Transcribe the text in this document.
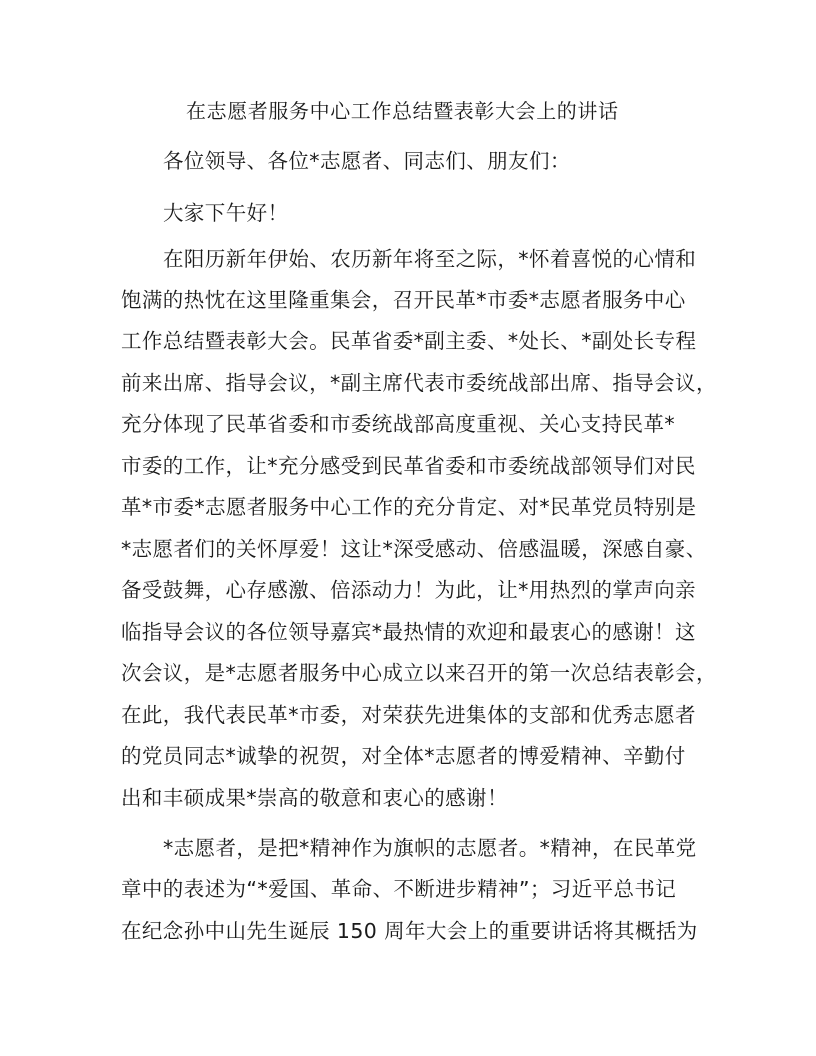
在志愿者服务中心工作总结暨表彰大会上的讲话
各位领导、各位*志愿者、同志们、朋友们：
大家下午好！
在阳历新年伊始、农历新年将至之际，*怀着喜悦的心情和
饱满的热忱在这里隆重集会，召开民革*市委*志愿者服务中心
工作总结暨表彰大会。民革省委*副主委、*处长、*副处长专程
前来出席、指导会议，*副主席代表市委统战部出席、指导会议，
充分体现了民革省委和市委统战部高度重视、关心支持民革*
市委的工作，让*充分感受到民革省委和市委统战部领导们对民
革*市委*志愿者服务中心工作的充分肯定、对*民革党员特别是
*志愿者们的关怀厚爱！这让*深受感动、倍感温暖，深感自豪、
备受鼓舞，心存感激、倍添动力！为此，让*用热烈的掌声向亲
临指导会议的各位领导嘉宾*最热情的欢迎和最衷心的感谢！这
次会议，是*志愿者服务中心成立以来召开的第一次总结表彰会，
在此，我代表民革*市委，对荣获先进集体的支部和优秀志愿者
的党员同志*诚挚的祝贺，对全体*志愿者的博爱精神、辛勤付
出和丰硕成果*崇高的敬意和衷心的感谢！
*志愿者，是把*精神作为旗帜的志愿者。*精神，在民革党
章中的表述为“*爱国、革命、不断进步精神”；习近平总书记
在纪念孙中山先生诞辰 150 周年大会上的重要讲话将其概括为
